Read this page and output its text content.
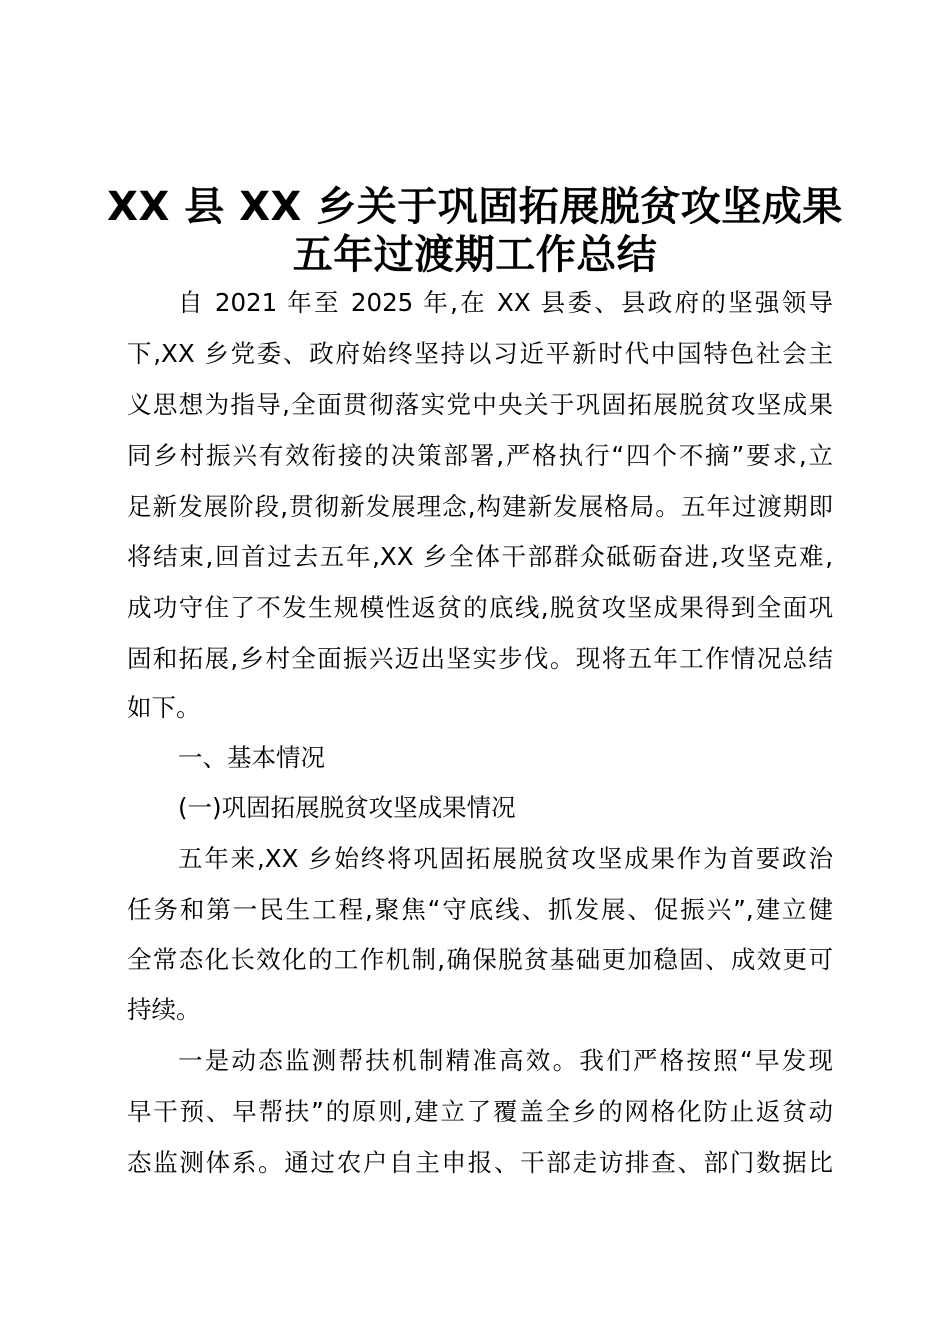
XX 县 XX 乡关于巩固拓展脱贫攻坚成果
五年过渡期工作总结
自 2021 年至 2025 年,在 XX 县委、县政府的坚强领导
下,XX 乡党委、政府始终坚持以习近平新时代中国特色社会主
义思想为指导,全面贯彻落实党中央关于巩固拓展脱贫攻坚成果
同乡村振兴有效衔接的决策部署,严格执行“四个不摘”要求,立
足新发展阶段,贯彻新发展理念,构建新发展格局。五年过渡期即
将结束,回首过去五年,XX 乡全体干部群众砥砺奋进,攻坚克难,
成功守住了不发生规模性返贫的底线,脱贫攻坚成果得到全面巩
固和拓展,乡村全面振兴迈出坚实步伐。现将五年工作情况总结
如下。
一、基本情况
(一)巩固拓展脱贫攻坚成果情况
五年来,XX 乡始终将巩固拓展脱贫攻坚成果作为首要政治
任务和第一民生工程,聚焦“守底线、抓发展、促振兴”,建立健
全常态化长效化的工作机制,确保脱贫基础更加稳固、成效更可
持续。
一是动态监测帮扶机制精准高效。我们严格按照“早发现
早干预、早帮扶”的原则,建立了覆盖全乡的网格化防止返贫动
态监测体系。通过农户自主申报、干部走访排查、部门数据比
